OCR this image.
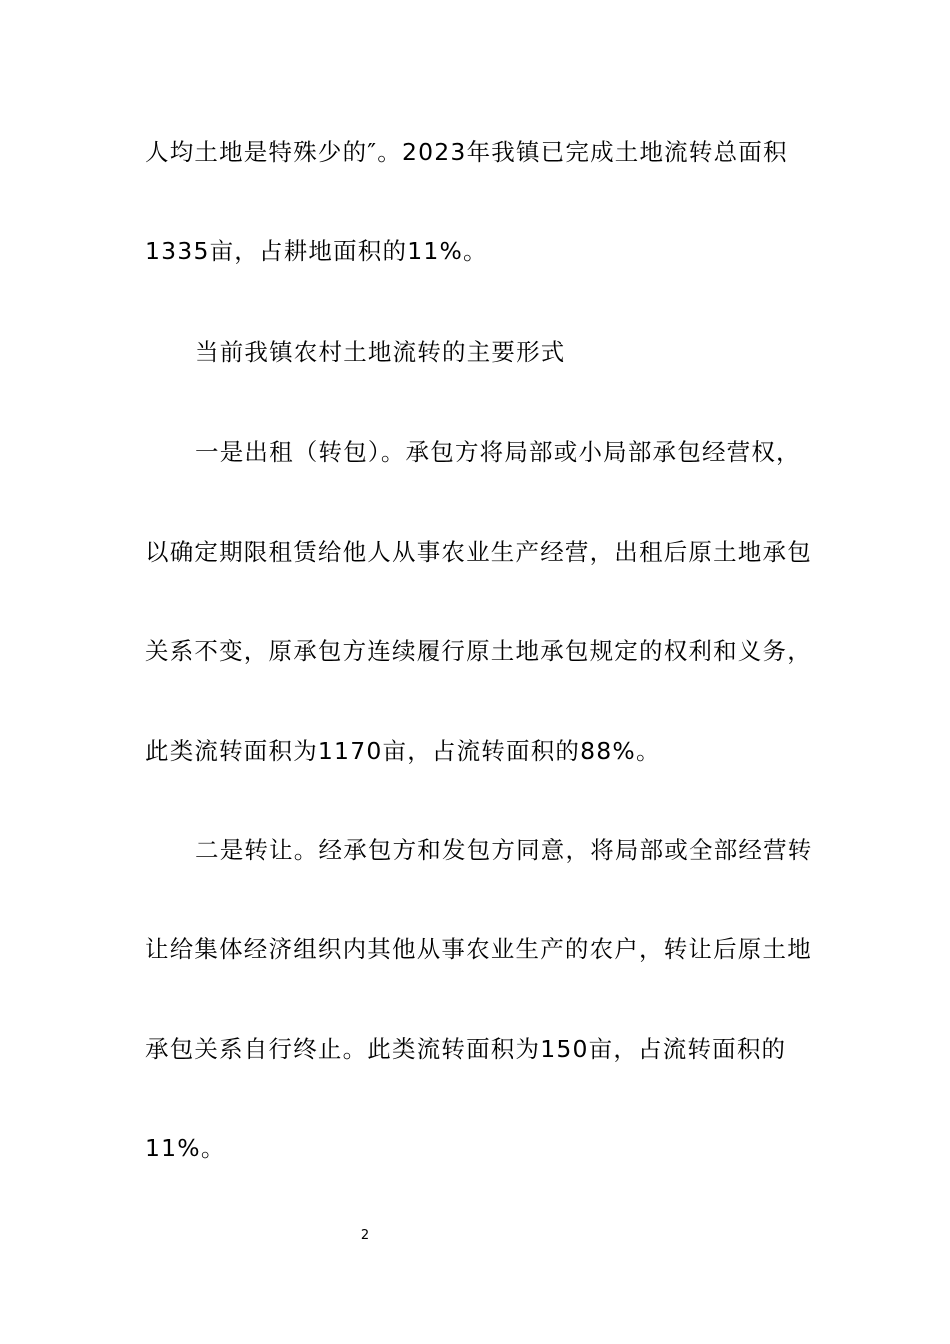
人均土地是特殊少的″。2023年我镇已完成土地流转总面积
1335亩，占耕地面积的11%。
当前我镇农村土地流转的主要形式
一是出租（转包）。承包方将局部或小局部承包经营权，
以确定期限租赁给他人从事农业生产经营，出租后原土地承包
关系不变，原承包方连续履行原土地承包规定的权利和义务，
此类流转面积为1170亩，占流转面积的88%。
二是转让。经承包方和发包方同意，将局部或全部经营转
让给集体经济组织内其他从事农业生产的农户，转让后原土地
承包关系自行终止。此类流转面积为150亩，占流转面积的
11%。
2
